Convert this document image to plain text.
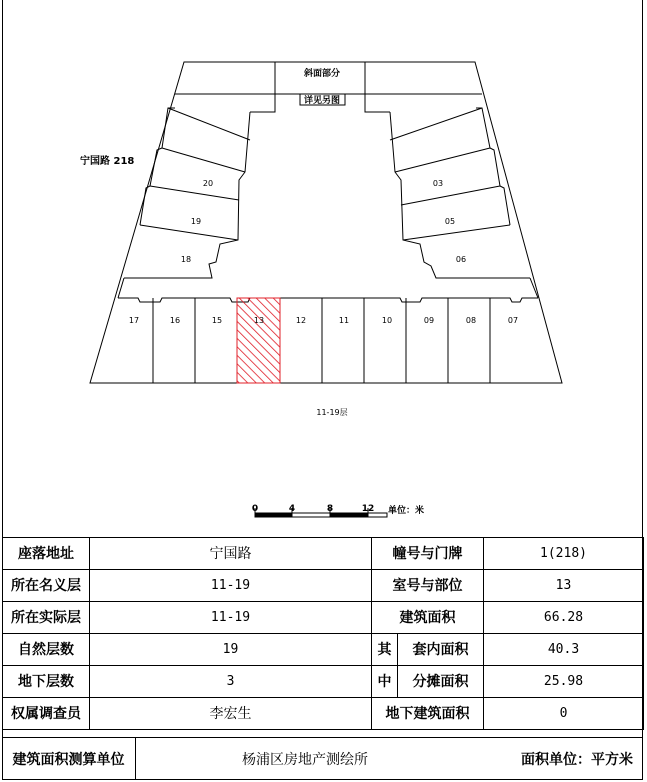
斜面部分
详见另图
宁国路 218
20
19
18
03
05
06
17	16	15	13	12	11	10	09	08	07
11-19层
0	4	8	12 单位：米
座落地址	宁国路	幢号与门牌		1(218)
所在名义层	11-19	室号与部位		13
所在实际层	11-19	建筑面积		66.28
自然层数	19	其	套内面积	40.3
地下层数	3	中	分摊面积	25.98
权属调查员	李宏生	地下建筑面积		0
建筑面积测算单位	杨浦区房地产测绘所	面积单位：平方米
